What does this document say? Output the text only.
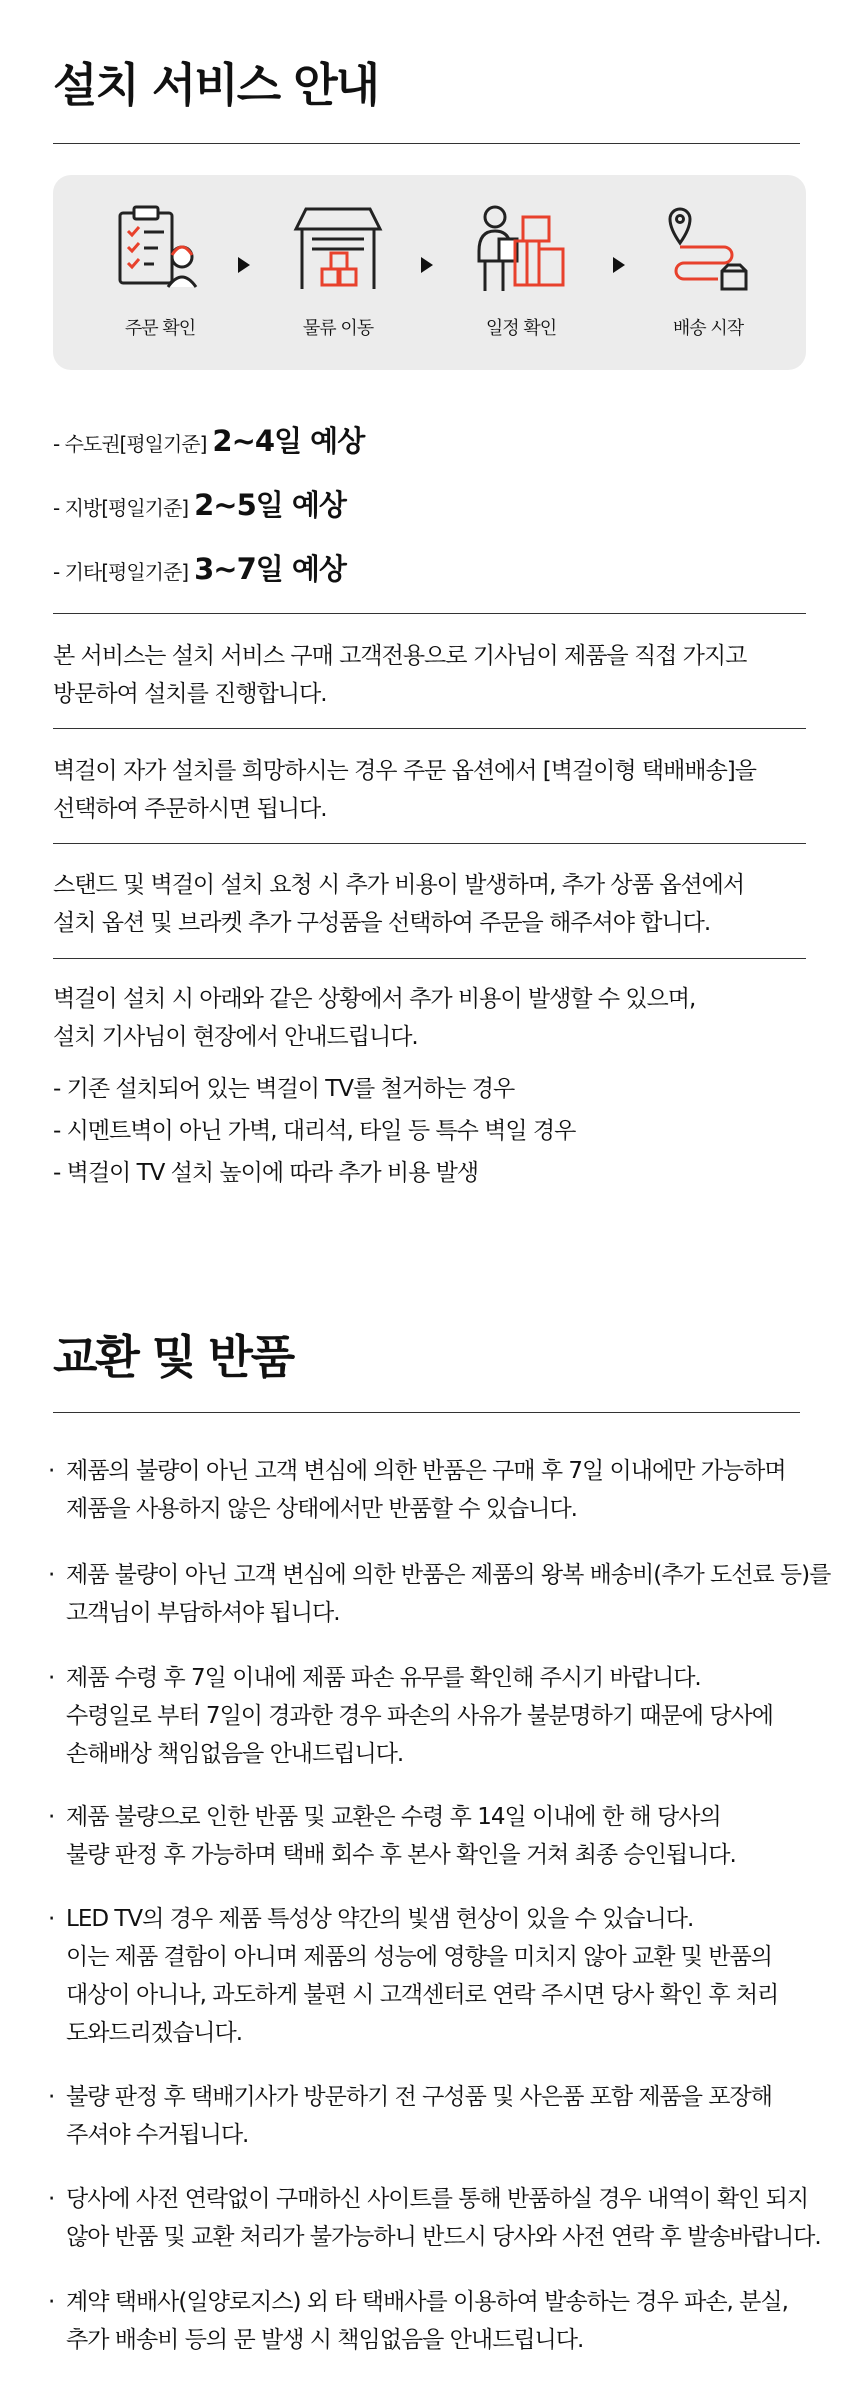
설치 서비스 안내
주문 확인	물류 이동	일정 확인	배송 시작
- 수도권[평일기준] 2~4일 예상
- 지방[평일기준] 2~5일 예상
- 기타[평일기준] 3~7일 예상
본 서비스는 설치 서비스 구매 고객전용으로 기사님이 제품을 직접 가지고
방문하여 설치를 진행합니다.
벽걸이 자가 설치를 희망하시는 경우 주문 옵션에서 [벽걸이형 택배배송]을
선택하여 주문하시면 됩니다.
스탠드 및 벽걸이 설치 요청 시 추가 비용이 발생하며, 추가 상품 옵션에서
설치 옵션 및 브라켓 추가 구성품을 선택하여 주문을 해주셔야 합니다.
벽걸이 설치 시 아래와 같은 상황에서 추가 비용이 발생할 수 있으며,
설치 기사님이 현장에서 안내드립니다.
- 기존 설치되어 있는 벽걸이 TV를 철거하는 경우
- 시멘트벽이 아닌 가벽, 대리석, 타일 등 특수 벽일 경우
- 벽걸이 TV 설치 높이에 따라 추가 비용 발생
교환 및 반품
· 제품의 불량이 아닌 고객 변심에 의한 반품은 구매 후 7일 이내에만 가능하며
제품을 사용하지 않은 상태에서만 반품할 수 있습니다.
· 제품 불량이 아닌 고객 변심에 의한 반품은 제품의 왕복 배송비(추가 도선료 등)를
고객님이 부담하셔야 됩니다.
· 제품 수령 후 7일 이내에 제품 파손 유무를 확인해 주시기 바랍니다.
수령일로 부터 7일이 경과한 경우 파손의 사유가 불분명하기 때문에 당사에
손해배상 책임없음을 안내드립니다.
· 제품 불량으로 인한 반품 및 교환은 수령 후 14일 이내에 한 해 당사의
불량 판정 후 가능하며 택배 회수 후 본사 확인을 거쳐 최종 승인됩니다.
· LED TV의 경우 제품 특성상 약간의 빛샘 현상이 있을 수 있습니다.
이는 제품 결함이 아니며 제품의 성능에 영향을 미치지 않아 교환 및 반품의
대상이 아니나, 과도하게 불편 시 고객센터로 연락 주시면 당사 확인 후 처리
도와드리겠습니다.
· 불량 판정 후 택배기사가 방문하기 전 구성품 및 사은품 포함 제품을 포장해
주셔야 수거됩니다.
· 당사에 사전 연락없이 구매하신 사이트를 통해 반품하실 경우 내역이 확인 되지
않아 반품 및 교환 처리가 불가능하니 반드시 당사와 사전 연락 후 발송바랍니다.
· 계약 택배사(일양로지스) 외 타 택배사를 이용하여 발송하는 경우 파손, 분실,
추가 배송비 등의 문 발생 시 책임없음을 안내드립니다.
